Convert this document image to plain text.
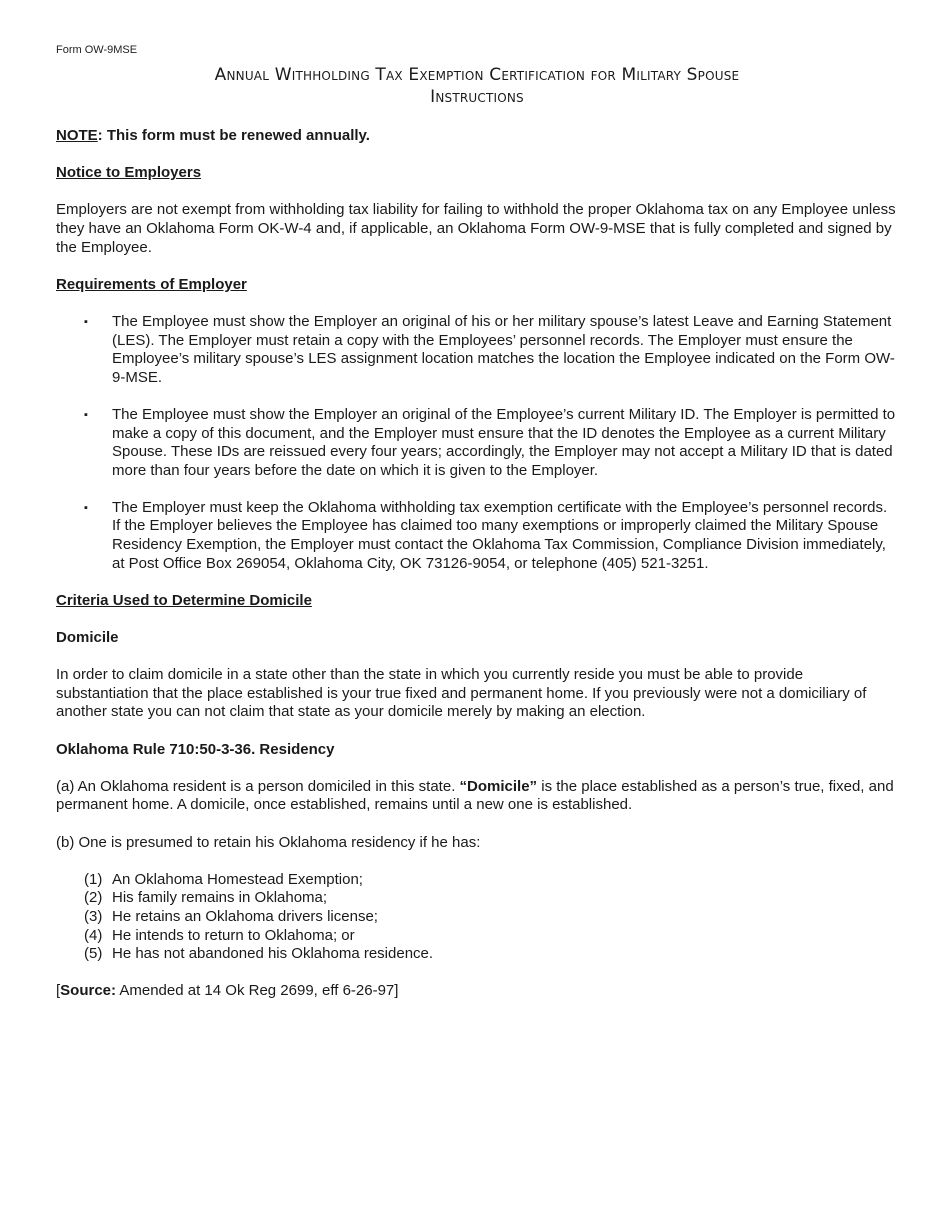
Form OW-9MSE
Annual Withholding Tax Exemption Certification for Military Spouse
Instructions

NOTE: This form must be renewed annually.

Notice to Employers

Employers are not exempt from withholding tax liability for failing to withhold the proper Oklahoma tax on any Employee unless they have an Oklahoma Form OK-W-4 and, if applicable, an Oklahoma Form OW-9-MSE that is fully completed and signed by the Employee.

Requirements of Employer

▪ The Employee must show the Employer an original of his or her military spouse’s latest Leave and Earning Statement (LES). The Employer must retain a copy with the Employees’ personnel records. The Employer must ensure the Employee’s military spouse’s LES assignment location matches the location the Employee indicated on the Form OW-9-MSE.
▪ The Employee must show the Employer an original of the Employee’s current Military ID. The Employer is permitted to make a copy of this document, and the Employer must ensure that the ID denotes the Employee as a current Military Spouse. These IDs are reissued every four years; accordingly, the Employer may not accept a Military ID that is dated more than four years before the date on which it is given to the Employer.
▪ The Employer must keep the Oklahoma withholding tax exemption certificate with the Employee’s personnel records. If the Employer believes the Employee has claimed too many exemptions or improperly claimed the Military Spouse Residency Exemption, the Employer must contact the Oklahoma Tax Commission, Compliance Division immediately, at Post Office Box 269054, Oklahoma City, OK 73126-9054, or telephone (405) 521-3251.

Criteria Used to Determine Domicile

Domicile

In order to claim domicile in a state other than the state in which you currently reside you must be able to provide substantiation that the place established is your true fixed and permanent home. If you previously were not a domiciliary of another state you can not claim that state as your domicile merely by making an election.

Oklahoma Rule 710:50-3-36. Residency

(a) An Oklahoma resident is a person domiciled in this state. “Domicile” is the place established as a person’s true, fixed, and permanent home. A domicile, once established, remains until a new one is established.

(b) One is presumed to retain his Oklahoma residency if he has:

(1) An Oklahoma Homestead Exemption;
(2) His family remains in Oklahoma;
(3) He retains an Oklahoma drivers license;
(4) He intends to return to Oklahoma; or
(5) He has not abandoned his Oklahoma residence.

[Source: Amended at 14 Ok Reg 2699, eff 6-26-97]
